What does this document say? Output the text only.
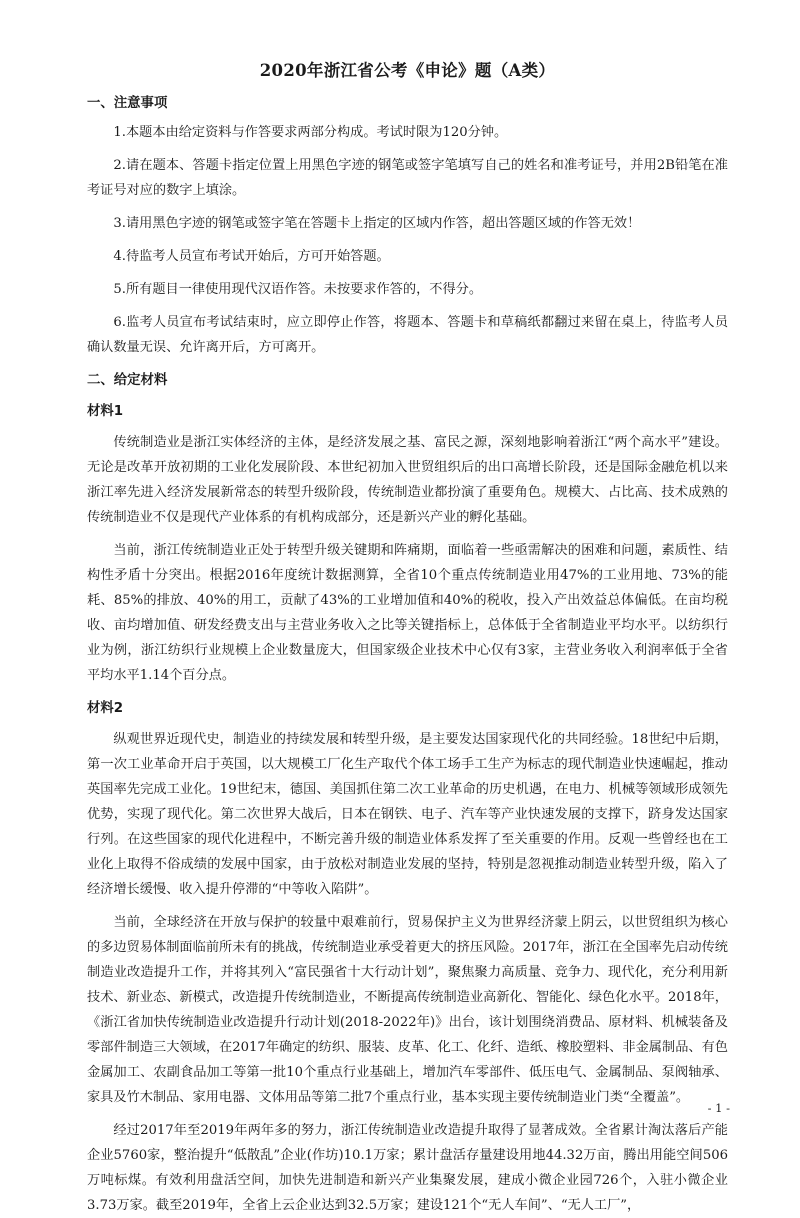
2020年浙江省公考《申论》题（A类）
一、注意事项

1.本题本由给定资料与作答要求两部分构成。考试时限为120分钟。

2.请在题本、答题卡指定位置上用黑色字迹的钢笔或签字笔填写自己的姓名和准考证号，并用2B铅笔在准考证号对应的数字上填涂。

3.请用黑色字迹的钢笔或签字笔在答题卡上指定的区域内作答，超出答题区域的作答无效！

4.待监考人员宣布考试开始后，方可开始答题。

5.所有题目一律使用现代汉语作答。未按要求作答的，不得分。

6.监考人员宣布考试结束时，应立即停止作答，将题本、答题卡和草稿纸都翻过来留在桌上，待监考人员确认数量无误、允许离开后，方可离开。

二、给定材料
材料1

传统制造业是浙江实体经济的主体，是经济发展之基、富民之源，深刻地影响着浙江“两个高水平”建设。无论是改革开放初期的工业化发展阶段、本世纪初加入世贸组织后的出口高增长阶段，还是国际金融危机以来浙江率先进入经济发展新常态的转型升级阶段，传统制造业都扮演了重要角色。规模大、占比高、技术成熟的传统制造业不仅是现代产业体系的有机构成部分，还是新兴产业的孵化基础。

当前，浙江传统制造业正处于转型升级关键期和阵痛期，面临着一些亟需解决的困难和问题，素质性、结构性矛盾十分突出。根据2016年度统计数据测算，全省10个重点传统制造业用47%的工业用地、73%的能耗、85%的排放、40%的用工，贡献了43%的工业增加值和40%的税收，投入产出效益总体偏低。在亩均税收、亩均增加值、研发经费支出与主营业务收入之比等关键指标上，总体低于全省制造业平均水平。以纺织行业为例，浙江纺织行业规模上企业数量庞大，但国家级企业技术中心仅有3家，主营业务收入利润率低于全省平均水平1.14个百分点。

材料2

纵观世界近现代史，制造业的持续发展和转型升级，是主要发达国家现代化的共同经验。18世纪中后期，第一次工业革命开启于英国，以大规模工厂化生产取代个体工场手工生产为标志的现代制造业快速崛起，推动英国率先完成工业化。19世纪末，德国、美国抓住第二次工业革命的历史机遇，在电力、机械等领域形成领先优势，实现了现代化。第二次世界大战后，日本在钢铁、电子、汽车等产业快速发展的支撑下，跻身发达国家行列。在这些国家的现代化进程中，不断完善升级的制造业体系发挥了至关重要的作用。反观一些曾经也在工业化上取得不俗成绩的发展中国家，由于放松对制造业发展的坚持，特别是忽视推动制造业转型升级，陷入了经济增长缓慢、收入提升停滞的“中等收入陷阱”。

当前，全球经济在开放与保护的较量中艰难前行，贸易保护主义为世界经济蒙上阴云，以世贸组织为核心的多边贸易体制面临前所未有的挑战，传统制造业承受着更大的挤压风险。2017年，浙江在全国率先启动传统制造业改造提升工作，并将其列入“富民强省十大行动计划”，聚焦聚力高质量、竞争力、现代化，充分利用新技术、新业态、新模式，改造提升传统制造业，不断提高传统制造业高新化、智能化、绿色化水平。2018年，《浙江省加快传统制造业改造提升行动计划(2018-2022年)》出台，该计划围绕消费品、原材料、机械装备及零部件制造三大领域，在2017年确定的纺织、服装、皮革、化工、化纤、造纸、橡胶塑料、非金属制品、有色金属加工、农副食品加工等第一批10个重点行业基础上，增加汽车零部件、低压电气、金属制品、泵阀轴承、家具及竹木制品、家用电器、文体用品等第二批7个重点行业，基本实现主要传统制造业门类“全覆盖”。

经过2017年至2019年两年多的努力，浙江传统制造业改造提升取得了显著成效。全省累计淘汰落后产能企业5760家，整治提升“低散乱”企业(作坊)10.1万家；累计盘活存量建设用地44.32万亩，腾出用能空间506万吨标煤。有效利用盘活空间，加快先进制造和新兴产业集聚发展，建成小微企业园726个，入驻小微企业3.73万家。截至2019年，全省上云企业达到32.5万家；建设121个“无人车间”、“无人工厂”，

- 1 -
